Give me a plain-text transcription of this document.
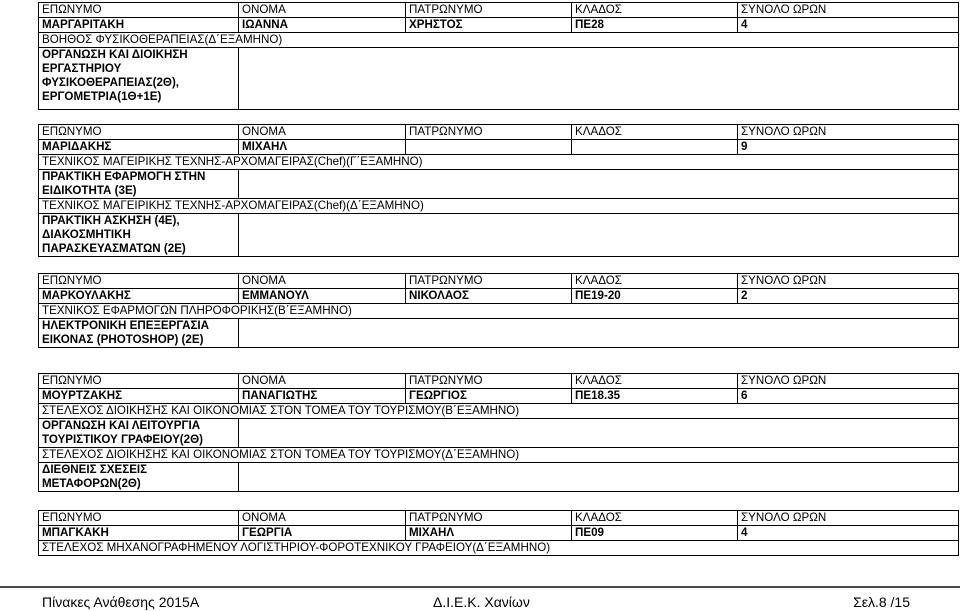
ΕΠΩΝΥΜΟ	ΟΝΟΜΑ	ΠΑΤΡΩΝΥΜΟ	ΚΛΑΔΟΣ	ΣΥΝΟΛΟ ΩΡΩΝ
ΜΑΡΓΑΡΙΤΑΚΗ	ΙΩΑΝΝΑ	ΧΡΗΣΤΟΣ	ΠΕ28	4
ΒΟΗΘΟΣ ΦΥΣΙΚΟΘΕΡΑΠΕΙΑΣ(Δ΄ΕΞΑΜΗΝΟ)				
ΟΡΓΑΝΩΣΗ ΚΑΙ ΔΙΟΙΚΗΣΗ ΕΡΓΑΣΤΗΡΙΟΥ ΦΥΣΙΚΟΘΕΡΑΠΕΙΑΣ(2Θ), ΕΡΓΟΜΕΤΡΙΑ(1Θ+1Ε)				
ΕΠΩΝΥΜΟ	ΟΝΟΜΑ	ΠΑΤΡΩΝΥΜΟ	ΚΛΑΔΟΣ	ΣΥΝΟΛΟ ΩΡΩΝ
ΜΑΡΙΔΑΚΗΣ	ΜΙΧΑΗΛ			9
ΤΕΧΝΙΚΟΣ ΜΑΓΕΙΡΙΚΗΣ ΤΕΧΝΗΣ-ΑΡΧΟΜΑΓΕΙΡΑΣ(Chef)(Γ΄ΕΞΑΜΗΝΟ)				
ΠΡΑΚΤΙΚΗ ΕΦΑΡΜΟΓΗ ΣΤΗΝ ΕΙΔΙΚΟΤΗΤΑ (3Ε)				
ΤΕΧΝΙΚΟΣ ΜΑΓΕΙΡΙΚΗΣ ΤΕΧΝΗΣ-ΑΡΧΟΜΑΓΕΙΡΑΣ(Chef)(Δ΄ΕΞΑΜΗΝΟ)				
ΠΡΑΚΤΙΚΗ ΑΣΚΗΣΗ (4Ε), ΔΙΑΚΟΣΜΗΤΙΚΗ ΠΑΡΑΣΚΕΥΑΣΜΑΤΩΝ (2Ε)				
ΕΠΩΝΥΜΟ	ΟΝΟΜΑ	ΠΑΤΡΩΝΥΜΟ	ΚΛΑΔΟΣ	ΣΥΝΟΛΟ ΩΡΩΝ
ΜΑΡΚΟΥΛΑΚΗΣ	ΕΜΜΑΝΟΥΛ	ΝΙΚΟΛΑΟΣ	ΠΕ19-20	2
ΤΕΧΝΙΚΟΣ ΕΦΑΡΜΟΓΩΝ ΠΛΗΡΟΦΟΡΙΚΗΣ(Β΄ΕΞΑΜΗΝΟ)				
ΗΛΕΚΤΡΟΝΙΚΗ ΕΠΕΞΕΡΓΑΣΙΑ ΕΙΚΟΝΑΣ (PHOTOSHOP) (2Ε)				
ΕΠΩΝΥΜΟ	ΟΝΟΜΑ	ΠΑΤΡΩΝΥΜΟ	ΚΛΑΔΟΣ	ΣΥΝΟΛΟ ΩΡΩΝ
ΜΟΥΡΤΖΑΚΗΣ	ΠΑΝΑΓΙΩΤΗΣ	ΓΕΩΡΓΙΟΣ	ΠΕ18.35	6
ΣΤΕΛΕΧΟΣ ΔΙΟΙΚΗΣΗΣ ΚΑΙ ΟΙΚΟΝΟΜΙΑΣ ΣΤΟΝ ΤΟΜΕΑ ΤΟΥ ΤΟΥΡΙΣΜΟΥ(Β΄ΕΞΑΜΗΝΟ)				
ΟΡΓΑΝΩΣΗ ΚΑΙ ΛΕΙΤΟΥΡΓΙΑ ΤΟΥΡΙΣΤΙΚΟΥ ΓΡΑΦΕΙΟΥ(2Θ)				
ΣΤΕΛΕΧΟΣ ΔΙΟΙΚΗΣΗΣ ΚΑΙ ΟΙΚΟΝΟΜΙΑΣ ΣΤΟΝ ΤΟΜΕΑ ΤΟΥ ΤΟΥΡΙΣΜΟΥ(Δ΄ΕΞΑΜΗΝΟ)				
ΔΙΕΘΝΕΙΣ ΣΧΕΣΕΙΣ ΜΕΤΑΦΟΡΩΝ(2Θ)				
ΕΠΩΝΥΜΟ	ΟΝΟΜΑ	ΠΑΤΡΩΝΥΜΟ	ΚΛΑΔΟΣ	ΣΥΝΟΛΟ ΩΡΩΝ
ΜΠΑΓΚΑΚΗ	ΓΕΩΡΓΙΑ	ΜΙΧΑΗΛ	ΠΕ09	4
ΣΤΕΛΕΧΟΣ ΜΗΧΑΝΟΓΡΑΦΗΜΕΝΟΥ ΛΟΓΙΣΤΗΡΙΟΥ-ΦΟΡΟΤΕΧΝΙΚΟΥ ΓΡΑΦΕΙΟΥ(Δ΄ΕΞΑΜΗΝΟ)				
Πίνακες Ανάθεσης 2015Α	Δ.Ι.Ε.Κ. Χανίων	Σελ.8 /15
